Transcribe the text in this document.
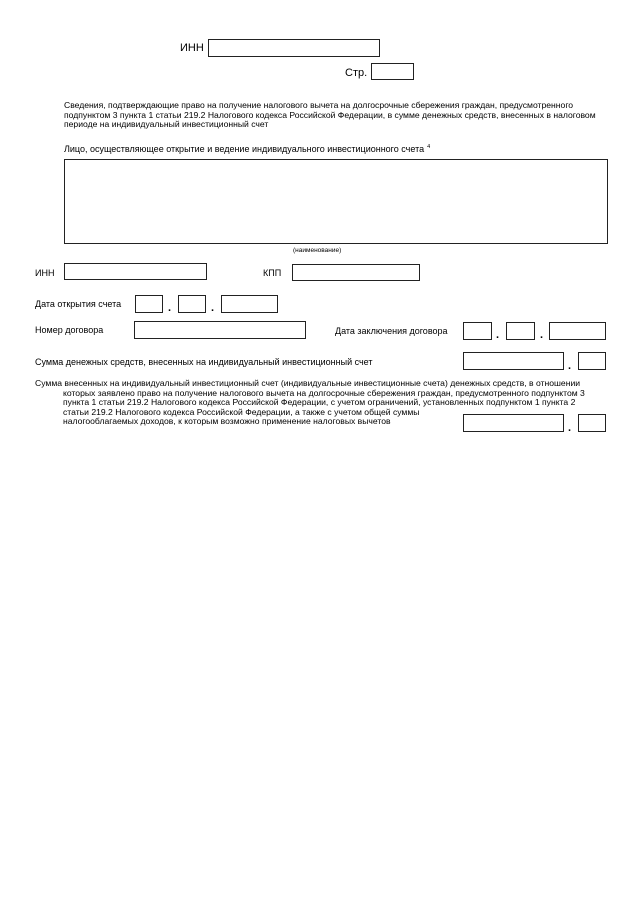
ИНН
Стр.
Сведения, подтверждающие право на получение налогового вычета на долгосрочные сбережения граждан, предусмотренного
подпунктом 3 пункта 1 статьи 219.2 Налогового кодекса Российской Федерации, в сумме денежных средств, внесенных в налоговом
периоде на индивидуальный инвестиционный счет
Лицо, осуществляющее открытие и ведение индивидуального инвестиционного счета $^4$
(наименование)
ИНН	КПП
Дата открытия счета	.	.
Номер договора	Дата заключения договора	.	.
Сумма денежных средств, внесенных на индивидуальный инвестиционный счет	.
Сумма внесенных на индивидуальный инвестиционный счет (индивидуальные инвестиционные счета) денежных средств, в отношении
которых заявлено право на получение налогового вычета на долгосрочные сбережения граждан, предусмотренного подпунктом 3
пункта 1 статьи 219.2 Налогового кодекса Российской Федерации, с учетом ограничений, установленных подпунктом 1 пункта 2
статьи 219.2 Налогового кодекса Российской Федерации, а также с учетом общей суммы
налогооблагаемых доходов, к которым возможно применение налоговых вычетов
.
